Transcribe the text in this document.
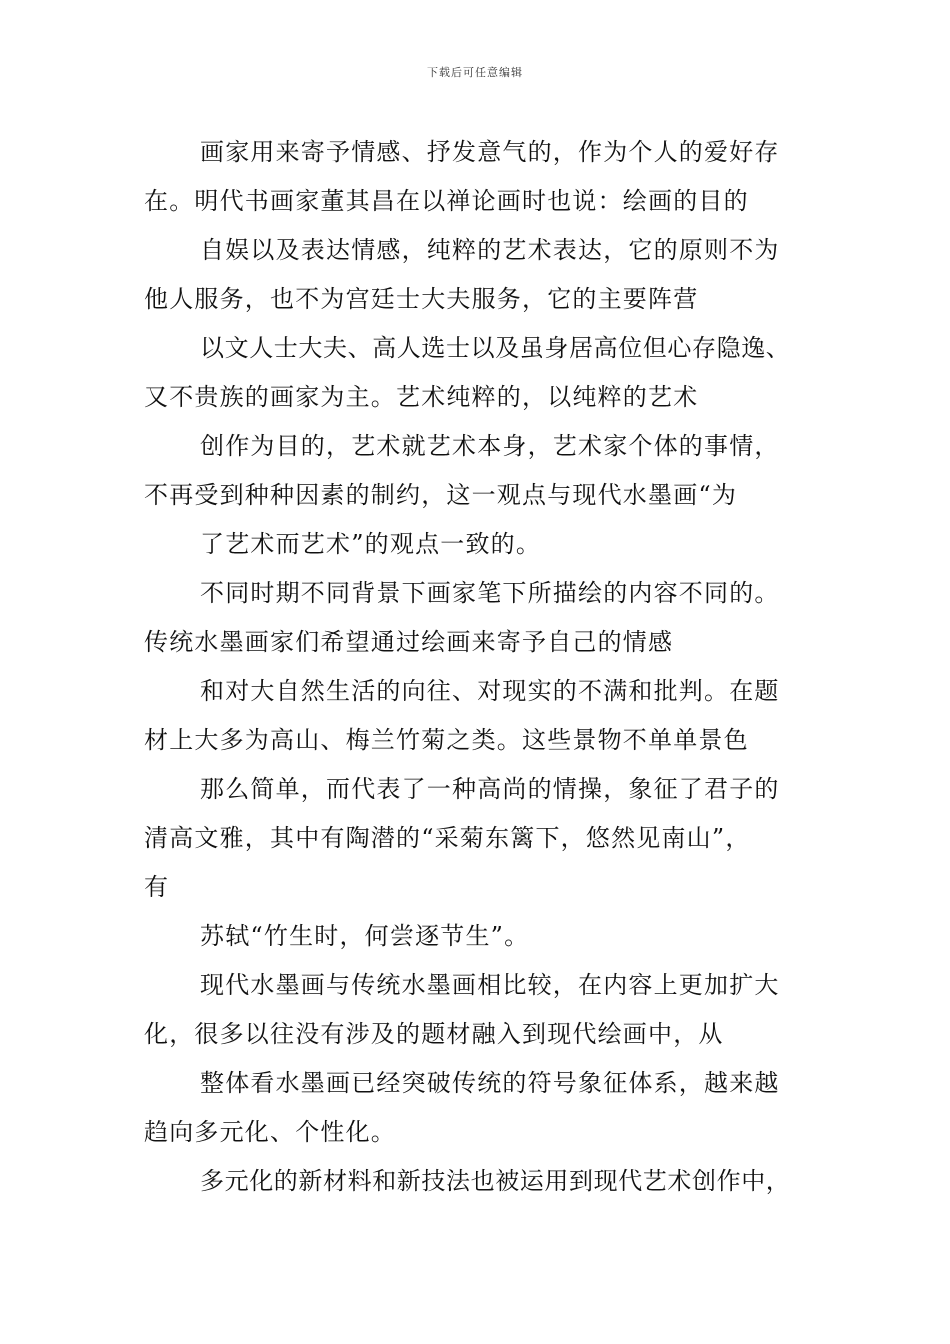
下载后可任意编辑
画家用来寄予情感、抒发意气的，作为个人的爱好存
在。明代书画家董其昌在以禅论画时也说：绘画的目的
自娱以及表达情感，纯粹的艺术表达，它的原则不为
他人服务，也不为宫廷士大夫服务，它的主要阵营
以文人士大夫、高人选士以及虽身居高位但心存隐逸、
又不贵族的画家为主。艺术纯粹的，以纯粹的艺术
创作为目的，艺术就艺术本身，艺术家个体的事情，
不再受到种种因素的制约，这一观点与现代水墨画“为
了艺术而艺术”的观点一致的。
不同时期不同背景下画家笔下所描绘的内容不同的。
传统水墨画家们希望通过绘画来寄予自己的情感
和对大自然生活的向往、对现实的不满和批判。在题
材上大多为高山、梅兰竹菊之类。这些景物不单单景色
那么简单，而代表了一种高尚的情操，象征了君子的
清高文雅，其中有陶潜的“采菊东篱下，悠然见南山”，
有
苏轼“竹生时，何尝逐节生”。
现代水墨画与传统水墨画相比较，在内容上更加扩大
化，很多以往没有涉及的题材融入到现代绘画中，从
整体看水墨画已经突破传统的符号象征体系，越来越
趋向多元化、个性化。
多元化的新材料和新技法也被运用到现代艺术创作中，
